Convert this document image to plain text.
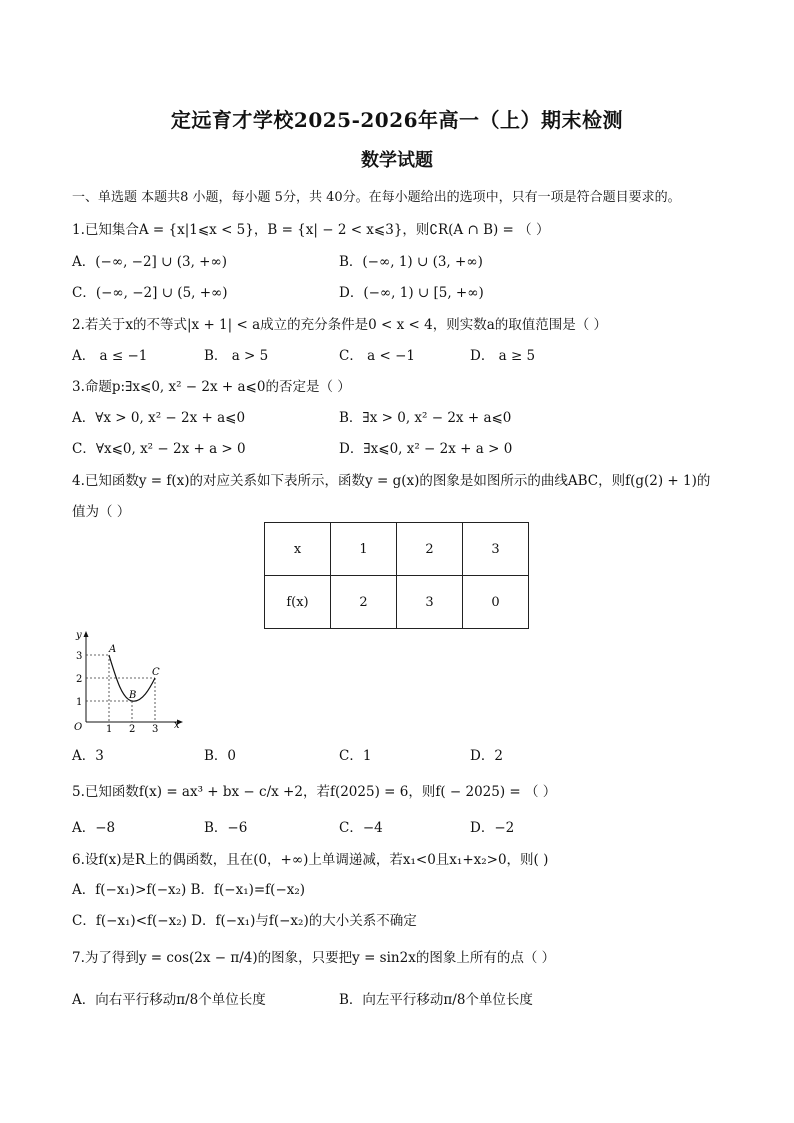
定远育才学校2025-2026年高一（上）期末检测
数学试题
一、单选题 本题共8 小题，每小题 5分，共 40分。在每小题给出的选项中，只有一项是符合题目要求的。
1.已知集合A = {x|1⩽x < 5}，B = {x| − 2 < x⩽3}，则∁R(A ∩ B) = （ ）
A．(−∞, −2] ∪ (3, +∞)	B．(−∞, 1) ∪ (3, +∞)
C．(−∞, −2] ∪ (5, +∞)	D．(−∞, 1) ∪ [5, +∞)
2.若关于x的不等式|x + 1| < a成立的充分条件是0 < x < 4，则实数a的取值范围是（ ）
A． a ≤ −1	B． a > 5	C． a < −1	D． a ≥ 5
3.命题p:∃x⩽0, x² − 2x + a⩽0的否定是（ ）
A．∀x > 0, x² − 2x + a⩽0	B．∃x > 0, x² − 2x + a⩽0
C．∀x⩽0, x² − 2x + a > 0	D．∃x⩽0, x² − 2x + a > 0
4.已知函数y = f(x)的对应关系如下表所示，函数y = g(x)的图象是如图所示的曲线ABC，则f(g(2) + 1)的
值为（ ）
x	1	2	3
f(x)	2	3	0
y
x
O
3
2
1
1 2 3
A
B
C
A．3	B．0	C．1	D．2
5.已知函数f(x) = ax³ + bx − c/x +2，若f(2025) = 6，则f( − 2025) = （ ）
A．−8	B．−6	C．−4	D．−2
6.设f(x)是R上的偶函数，且在(0，+∞)上单调递减，若x₁<0且x₁+x₂>0，则( )
A．f(−x₁)>f(−x₂) B．f(−x₁)=f(−x₂)
C．f(−x₁)<f(−x₂) D．f(−x₁)与f(−x₂)的大小关系不确定
7.为了得到y = cos(2x − π/4)的图象，只要把y = sin2x的图象上所有的点（ ）
A．向右平行移动π/8个单位长度	B．向左平行移动π/8个单位长度
